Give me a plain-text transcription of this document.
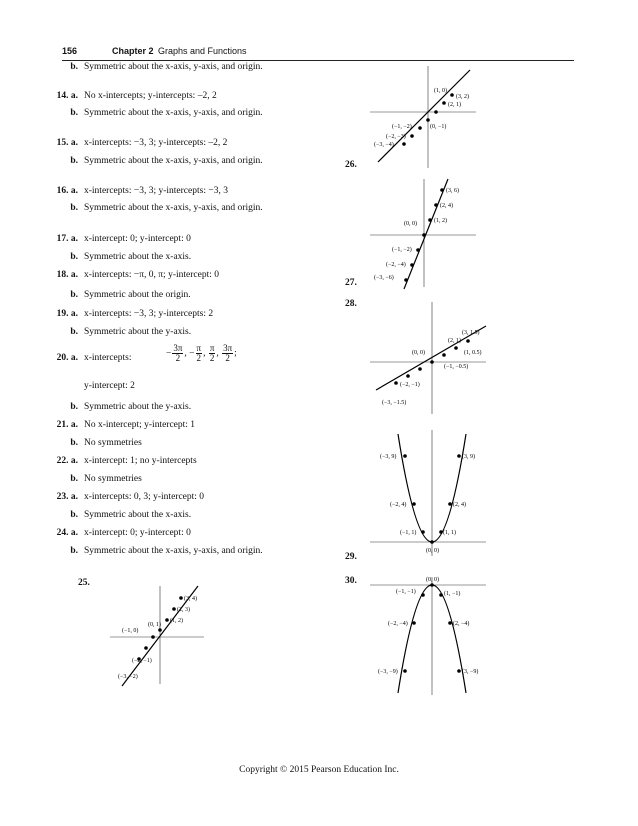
156	Chapter 2 Graphs and Functions
b. Symmetric about the x-axis, y-axis, and origin.
14. a. No x-intercepts; y-intercepts: –2, 2
b. Symmetric about the x-axis, y-axis, and origin.
15. a. x-intercepts: −3, 3; y-intercepts: –2, 2
b. Symmetric about the x-axis, y-axis, and origin.
16. a. x-intercepts: −3, 3; y-intercepts: −3, 3
b. Symmetric about the x-axis, y-axis, and origin.
17. a. x-intercept: 0; y-intercept: 0
b. Symmetric about the x-axis.
18. a. x-intercepts: −π, 0, π; y-intercept: 0
b. Symmetric about the origin.
19. a. x-intercepts: −3, 3; y-intercepts: 2
b. Symmetric about the y-axis.
20. a. x-intercepts:	− $\frac{3\pi}{2}$ , − $\frac{\pi}{2}$ , $\frac{\pi}{2}$ , $\frac{3\pi}{2}$ ;
y-intercept: 2
b. Symmetric about the y-axis.
21. a. No x-intercept; y-intercept: 1
b. No symmetries
22. a. x-intercept: 1; no y-intercepts
b. No symmetries
23. a. x-intercepts: 0, 3; y-intercept: 0
b. Symmetric about the x-axis.
24. a. x-intercept: 0; y-intercept: 0
b. Symmetric about the x-axis, y-axis, and origin.
25.
26.
27.
28.
29.
30.
(3, 4)
(2, 3)
(1, 2)
(0, 1)
(−1, 0)
(−2, −1)
(−3, −2)
(3, 2)
(2, 1)
(1, 0)
(0, −1)
(−1, −2)
(−2, −3)
(−3, −4)
(3, 6)
(2, 4)
(1, 2)
(0, 0)
(−1, −2)
(−2, −4)
(−3, −6)
(3, 1.5)
(2, 1)
(1, 0.5)
(0, 0)
(−1, −0.5)
(−2, −1)
(−3, −1.5)
(−3, 9)	(3, 9)
(−2, 4)	(2, 4)
(−1, 1)	(1, 1)
(0, 0)
(0, 0)
(−1, −1)	(1, −1)
(−2, −4)	(2, −4)
(−3, −9)	(3, −9)
Copyright © 2015 Pearson Education Inc.
